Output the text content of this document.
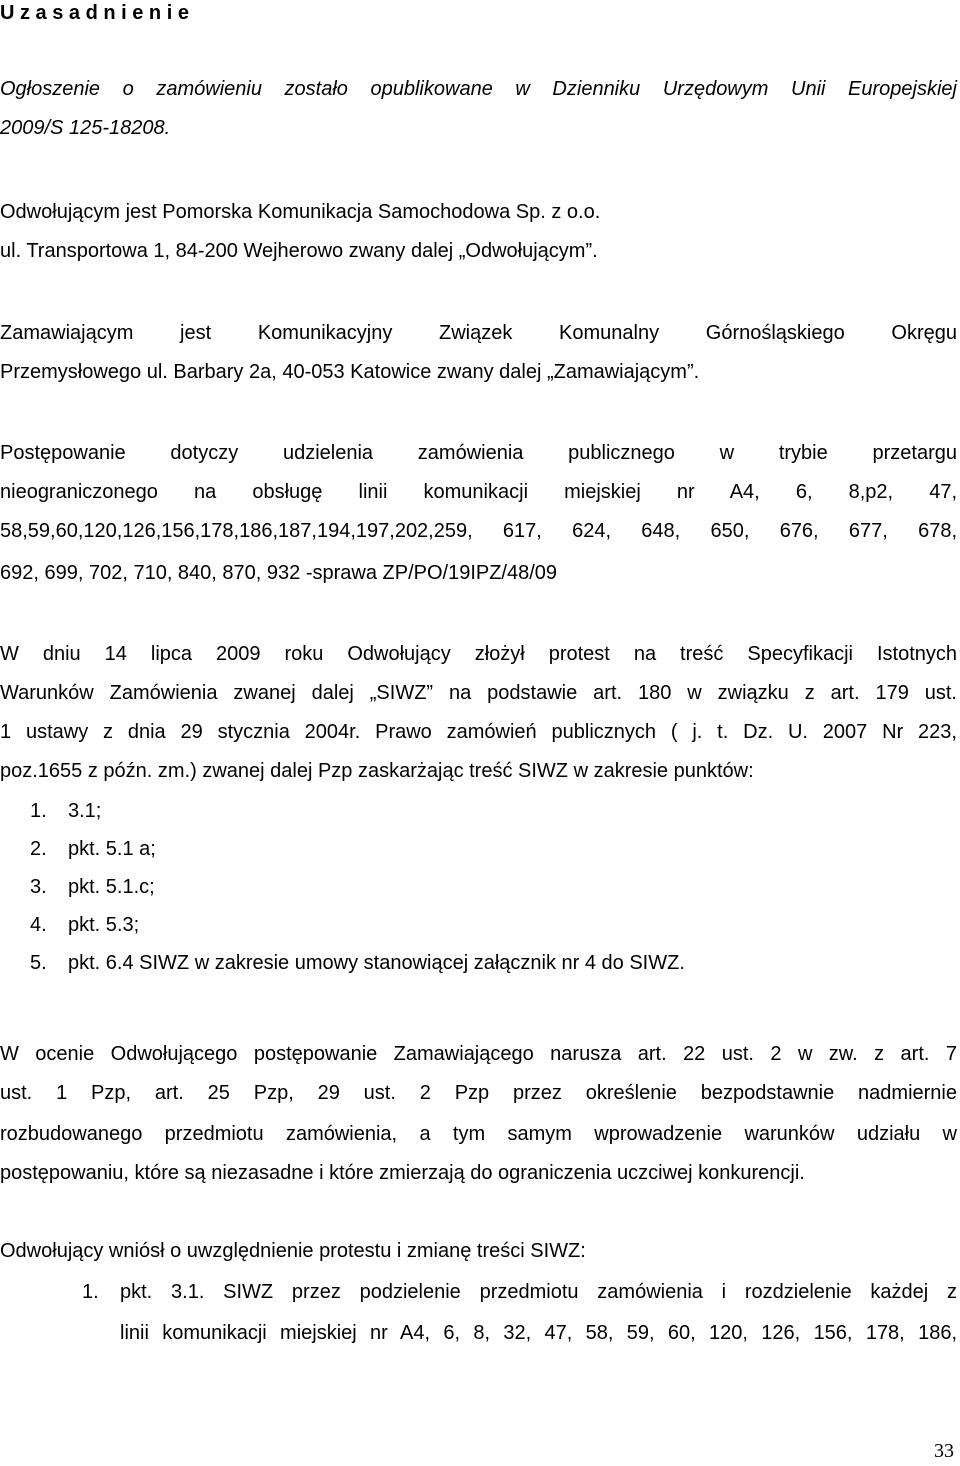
U z a s a d n i e n i e
Ogłoszenie o zamówieniu zostało opublikowane w Dzienniku Urzędowym Unii Europejskiej
2009/S 125-18208.
Odwołującym jest Pomorska Komunikacja Samochodowa Sp. z o.o.
ul. Transportowa 1, 84-200 Wejherowo zwany dalej „Odwołującym”.
Zamawiającym jest Komunikacyjny Związek Komunalny Górnośląskiego Okręgu
Przemysłowego ul. Barbary 2a, 40-053 Katowice zwany dalej „Zamawiającym”.
Postępowanie dotyczy udzielenia zamówienia publicznego w trybie przetargu
nieograniczonego na obsługę linii komunikacji miejskiej nr A4, 6, 8,p2, 47,
58,59,60,120,126,156,178,186,187,194,197,202,259, 617, 624, 648, 650, 676, 677, 678,
692, 699, 702, 710, 840, 870, 932 -sprawa ZP/PO/19IPZ/48/09
W dniu 14 lipca 2009 roku Odwołujący złożył protest na treść Specyfikacji Istotnych
Warunków Zamówienia zwanej dalej „SIWZ” na podstawie art. 180 w związku z art. 179 ust.
1 ustawy z dnia 29 stycznia 2004r. Prawo zamówień publicznych ( j. t. Dz. U. 2007 Nr 223,
poz.1655 z późn. zm.) zwanej dalej Pzp zaskarżając treść SIWZ w zakresie punktów:
1. 3.1;
2. pkt. 5.1 a;
3. pkt. 5.1.c;
4. pkt. 5.3;
5. pkt. 6.4 SIWZ w zakresie umowy stanowiącej załącznik nr 4 do SIWZ.
W ocenie Odwołującego postępowanie Zamawiającego narusza art. 22 ust. 2 w zw. z art. 7
ust. 1 Pzp, art. 25 Pzp, 29 ust. 2 Pzp przez określenie bezpodstawnie nadmiernie
rozbudowanego przedmiotu zamówienia, a tym samym wprowadzenie warunków udziału w
postępowaniu, które są niezasadne i które zmierzają do ograniczenia uczciwej konkurencji.
Odwołujący wniósł o uwzględnienie protestu i zmianę treści SIWZ:
1. pkt. 3.1. SIWZ przez podzielenie przedmiotu zamówienia i rozdzielenie każdej z
linii komunikacji miejskiej nr A4, 6, 8, 32, 47, 58, 59, 60, 120, 126, 156, 178, 186,
33
